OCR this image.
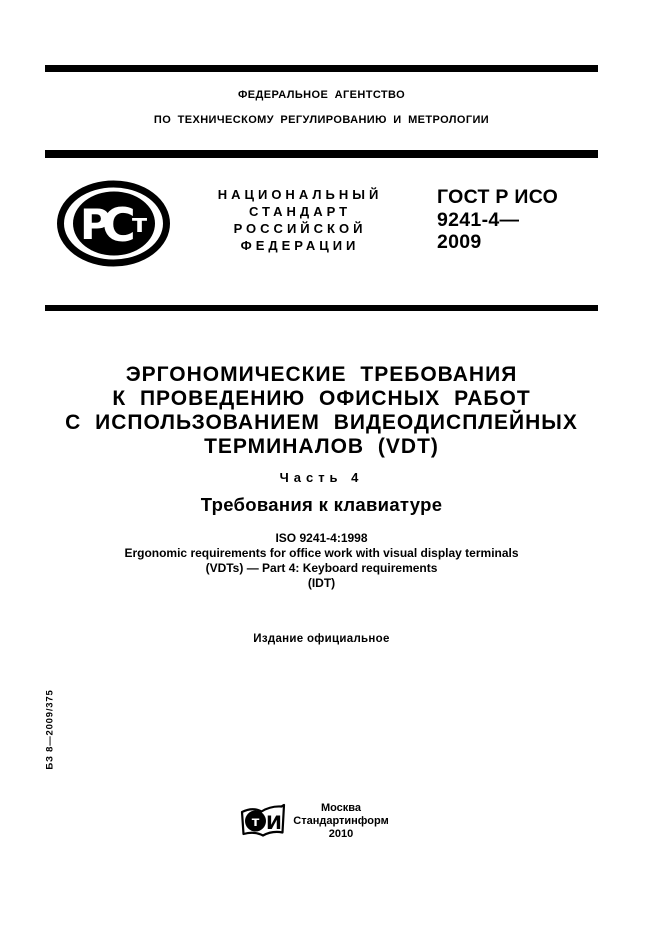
ФЕДЕРАЛЬНОЕ АГЕНТСТВО
ПО ТЕХНИЧЕСКОМУ РЕГУЛИРОВАНИЮ И МЕТРОЛОГИИ
Р
С
т
НАЦИОНАЛЬНЫЙ
СТАНДАРТ
РОССИЙСКОЙ
ФЕДЕРАЦИИ
ГОСТ Р ИСО
9241-4—
2009
ЭРГОНОМИЧЕСКИЕ ТРЕБОВАНИЯ
К ПРОВЕДЕНИЮ ОФИСНЫХ РАБОТ
С ИСПОЛЬЗОВАНИЕМ ВИДЕОДИСПЛЕЙНЫХ
ТЕРМИНАЛОВ (VDT)
Часть 4
Требования к клавиатуре
ISO 9241-4:1998
Ergonomic requirements for office work with visual display terminals
(VDTs) — Part 4: Keyboard requirements
(IDT)
Издание официальное
БЗ 8—2009/375
т И
Москва
Стандартинформ
2010
